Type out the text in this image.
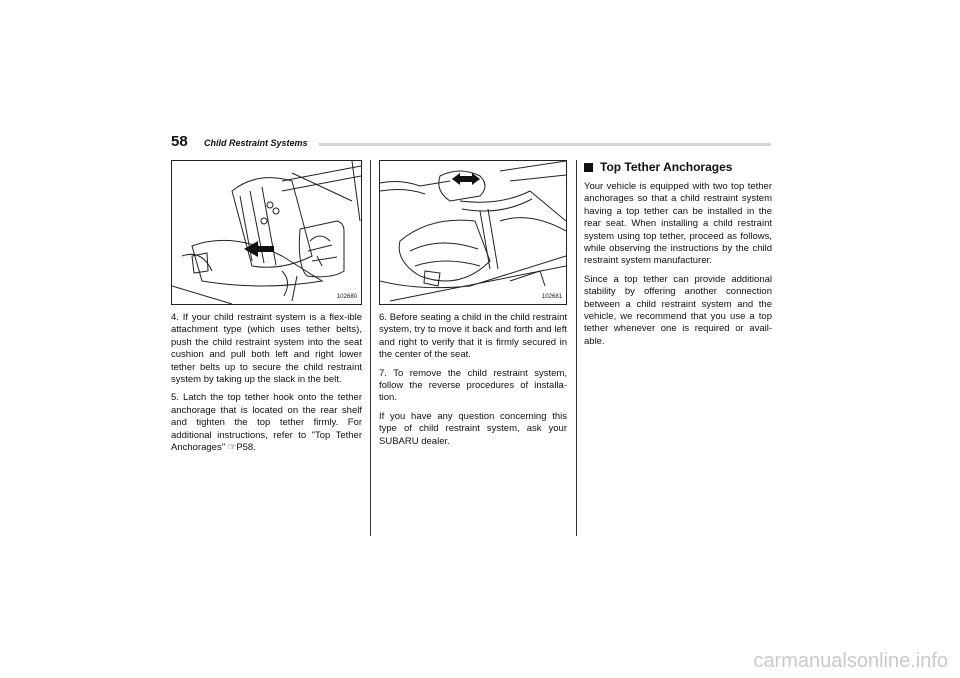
58 Child Restraint Systems
102680

4. If your child restraint system is a flex-ible attachment type (which uses tether belts), push the child restraint system into the seat cushion and pull both left and right lower tether belts up to secure the child restraint system by taking up the slack in the belt.

5. Latch the top tether hook onto the tether anchorage that is located on the rear shelf and tighten the top tether firmly. For additional instructions, refer to "Top Tether Anchorages" ☞P58.

102681

6. Before seating a child in the child restraint system, try to move it back and forth and left and right to verify that it is firmly secured in the center of the seat.

7. To remove the child restraint system, follow the reverse procedures of installa-tion.

If you have any question concerning this type of child restraint system, ask your SUBARU dealer.

Top Tether Anchorages

Your vehicle is equipped with two top tether anchorages so that a child restraint system having a top tether can be installed in the rear seat. When installing a child restraint system using top tether, proceed as follows, while observing the instructions by the child restraint system manufacturer.

Since a top tether can provide additional stability by offering another connection between a child restraint system and the vehicle, we recommend that you use a top tether whenever one is required or avail-able.

carmanualsonline.info
